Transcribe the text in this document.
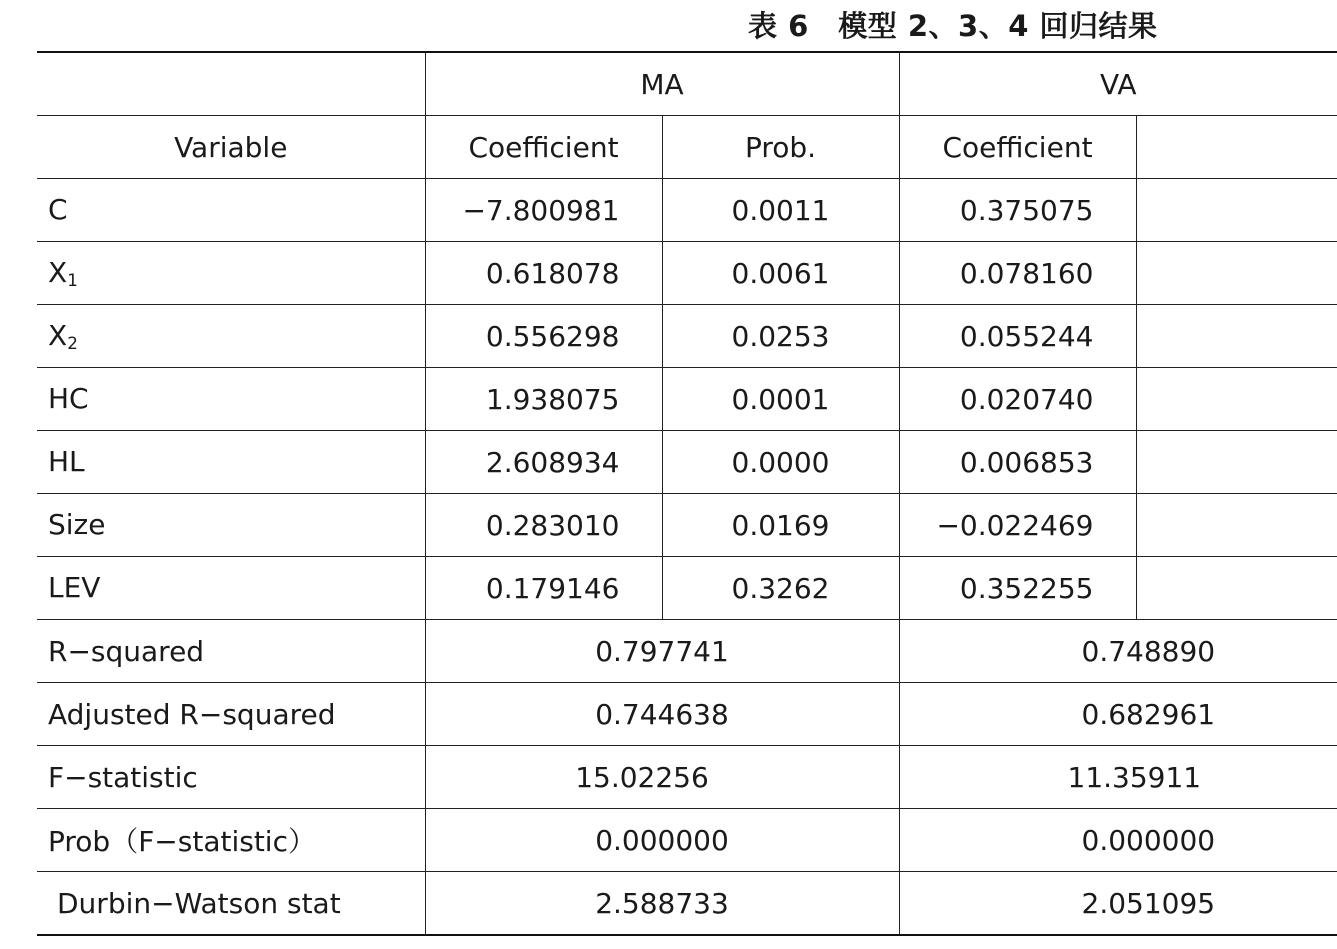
表 6　模型 2、3、4 回归结果
	MA		VA	
Variable	Coefficient	Prob.	Coefficient	
C	−7.800981	0.0011	0.375075	
$X_1$	0.618078	0.0061	0.078160	
$X_2$	0.556298	0.0253	0.055244	
HC	1.938075	0.0001	0.020740	
HL	2.608934	0.0000	0.006853	
Size	0.283010	0.0169	−0.022469	
LEV	0.179146	0.3262	0.352255	
R−squared	0.797741		0.748890	
Adjusted R−squared	0.744638		0.682961	
F−statistic	15.02256		11.35911	
Prob（F−statistic）	0.000000		0.000000	
Durbin−Watson stat	2.588733		2.051095	
